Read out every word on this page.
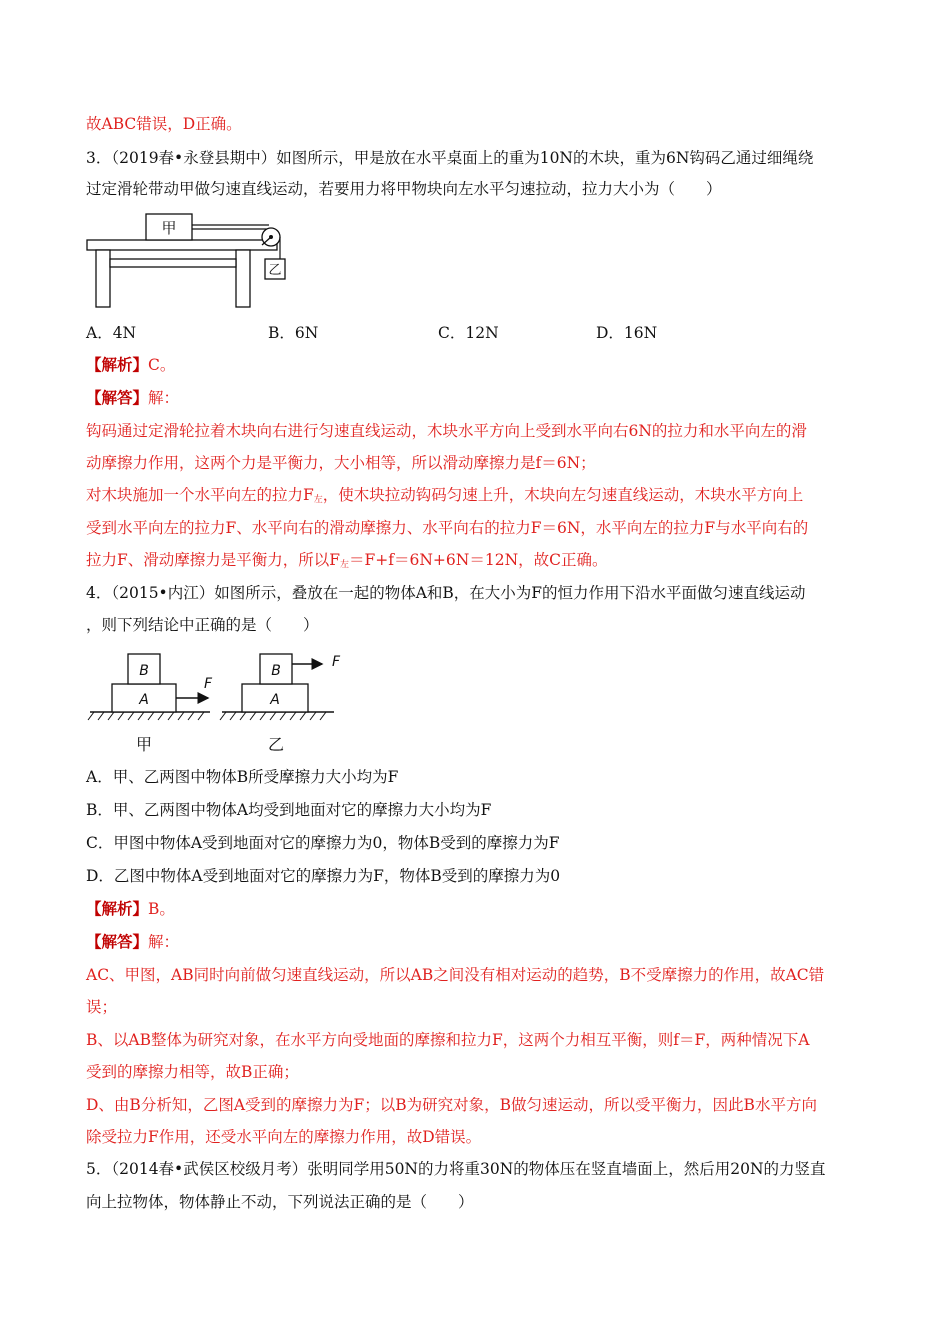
故ABC错误，D正确。
3．（2019春•永登县期中）如图所示，甲是放在水平桌面上的重为10N的木块，重为6N钩码乙通过细绳绕
过定滑轮带动甲做匀速直线运动，若要用力将甲物块向左水平匀速拉动，拉力大小为（　　）
甲
乙
A．4N	B．6N	C．12N	D．16N
【解析】C。
【解答】解：
钩码通过定滑轮拉着木块向右进行匀速直线运动，木块水平方向上受到水平向右6N的拉力和水平向左的滑
动摩擦力作用，这两个力是平衡力，大小相等，所以滑动摩擦力是f＝6N；
对木块施加一个水平向左的拉力$F_左$，使木块拉动钩码匀速上升，木块向左匀速直线运动，木块水平方向上
受到水平向左的拉力F、水平向右的滑动摩擦力、水平向右的拉力F＝6N，水平向左的拉力F与水平向右的
拉力F、滑动摩擦力是平衡力，所以$F_左=F+f=6N+6N=12N$，故C正确。
4．（2015•内江）如图所示，叠放在一起的物体A和B，在大小为F的恒力作用下沿水平面做匀速直线运动
，则下列结论中正确的是（　　）
B
A
F
甲
B
A
F
乙
A．甲、乙两图中物体B所受摩擦力大小均为F
B．甲、乙两图中物体A均受到地面对它的摩擦力大小均为F
C．甲图中物体A受到地面对它的摩擦力为0，物体B受到的摩擦力为F
D．乙图中物体A受到地面对它的摩擦力为F，物体B受到的摩擦力为0
【解析】B。
【解答】解：
AC、甲图，AB同时向前做匀速直线运动，所以AB之间没有相对运动的趋势，B不受摩擦力的作用，故AC错
误；
B、以AB整体为研究对象，在水平方向受地面的摩擦和拉力F，这两个力相互平衡，则f＝F，两种情况下A
受到的摩擦力相等，故B正确；
D、由B分析知，乙图A受到的摩擦力为F；以B为研究对象，B做匀速运动，所以受平衡力，因此B水平方向
除受拉力F作用，还受水平向左的摩擦力作用，故D错误。
5．（2014春•武侯区校级月考）张明同学用50N的力将重30N的物体压在竖直墙面上，然后用20N的力竖直
向上拉物体，物体静止不动，下列说法正确的是（　　）
